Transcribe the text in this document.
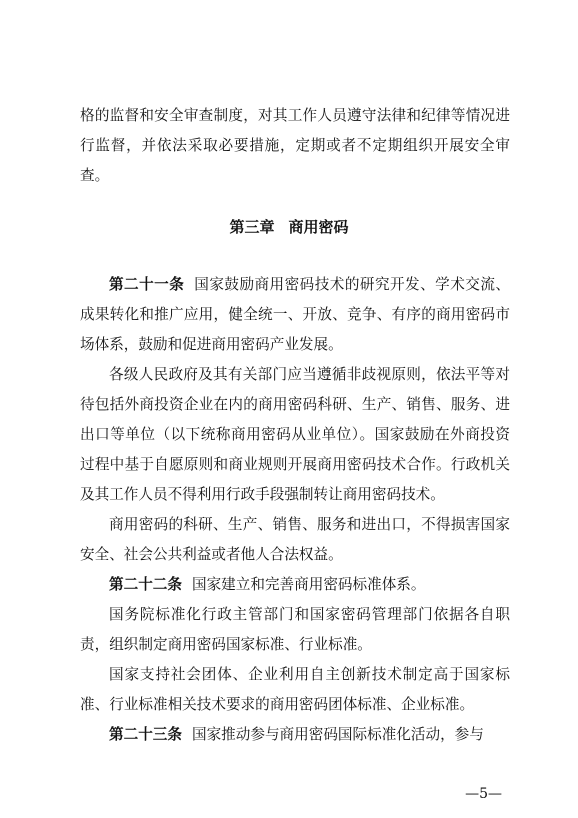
格的监督和安全审查制度，对其工作人员遵守法律和纪律等情况进行监督，并依法采取必要措施，定期或者不定期组织开展安全审查。

第三章 商用密码

第二十一条 国家鼓励商用密码技术的研究开发、学术交流、成果转化和推广应用，健全统一、开放、竞争、有序的商用密码市场体系，鼓励和促进商用密码产业发展。

各级人民政府及其有关部门应当遵循非歧视原则，依法平等对待包括外商投资企业在内的商用密码科研、生产、销售、服务、进出口等单位（以下统称商用密码从业单位）。国家鼓励在外商投资过程中基于自愿原则和商业规则开展商用密码技术合作。行政机关及其工作人员不得利用行政手段强制转让商用密码技术。

商用密码的科研、生产、销售、服务和进出口，不得损害国家安全、社会公共利益或者他人合法权益。

第二十二条 国家建立和完善商用密码标准体系。

国务院标准化行政主管部门和国家密码管理部门依据各自职责，组织制定商用密码国家标准、行业标准。

国家支持社会团体、企业利用自主创新技术制定高于国家标准、行业标准相关技术要求的商用密码团体标准、企业标准。

第二十三条 国家推动参与商用密码国际标准化活动，参与

—5—
